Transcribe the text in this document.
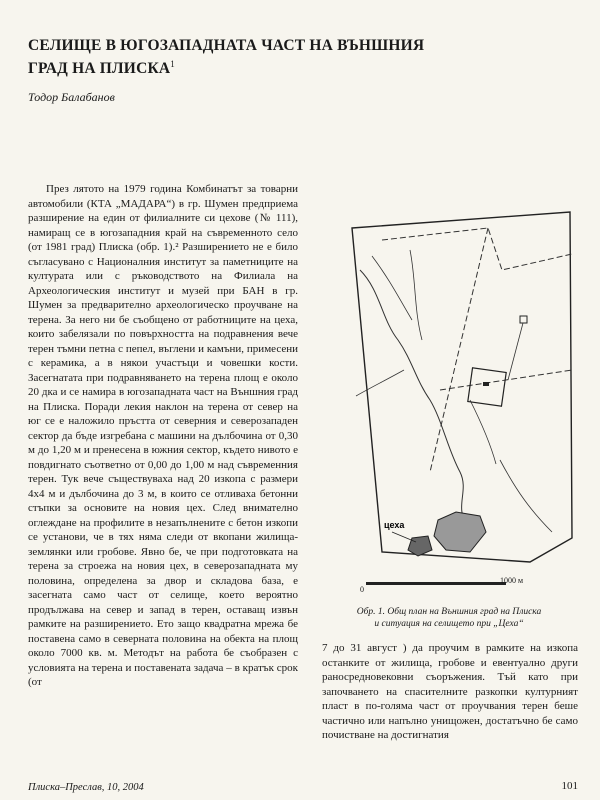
СЕЛИЩЕ В ЮГОЗАПАДНАТА ЧАСТ НА ВЪНШНИЯ ГРАД НА ПЛИСКА$^1$
Тодор Балабанов

През лятото на 1979 година Комбинатът за товарни автомобили (КТА „МАДАРА“) в гр. Шумен предприема разширение на един от филиалните си цехове (№ 111), намиращ се в югозападния край на съвременното село (от 1981 град) Плиска (обр. 1).² Разширението не е било съгласувано с Националния институт за паметниците на културата или с ръководството на Филиала на Археологическия институт и музей при БАН в гр. Шумен за предварително археологическо проучване на терена. За него ни бе съобщено от работниците на цеха, които забелязали по повърхността на подравнения вече терен тъмни петна с пепел, въглени и камъни, примесени с керамика, а в някои участъци и човешки кости. Засегнатата при подравняването на терена площ е около 20 дка и се намира в югозападната част на Външния град на Плиска. Поради лекия наклон на терена от север на юг се е наложило пръстта от северния и северозападен сектор да бъде изгребана с машини на дълбочина от 0,30 м до 1,20 м и пренесена в южния сектор, където нивото е повдигнато съответно от 0,00 до 1,00 м над съвременния терен. Тук вече съществуваха над 20 изкопа с размери 4x4 м и дълбочина до 3 м, в които се отливаха бетонни стъпки за основите на новия цех. След внимателно оглеждане на профилите в незапълнените с бетон изкопи се установи, че в тях няма следи от вкопани жилища-землянки или гробове. Явно бе, че при подготовката на терена за строежа на новия цех, в северозападната му половина, определена за двор и складова база, е засегната само част от селище, което вероятно продължава на север и запад в терен, оставащ извън рамките на разширението. Ето защо квадратна мрежа бе поставена само в северната половина на обекта на площ около 7000 кв. м. Методът на работа бе съобразен с условията на терена и поставената задача – в кратък срок (от

цеха
0
1000 м
Обр. 1. Общ план на Външния град на Плиска
и ситуация на селището при „Цеха“

7 до 31 август ) да проучим в рамките на изкопа останките от жилища, гробове и евентуално други раносредновековни съоръжения. Тъй като при започването на спасителните разкопки културният пласт в по-голяма част от проучвания терен беше частично или напълно унищожен, достатъчно бе само почистване на достигнатия

Плиска–Преслав, 10, 2004	101
